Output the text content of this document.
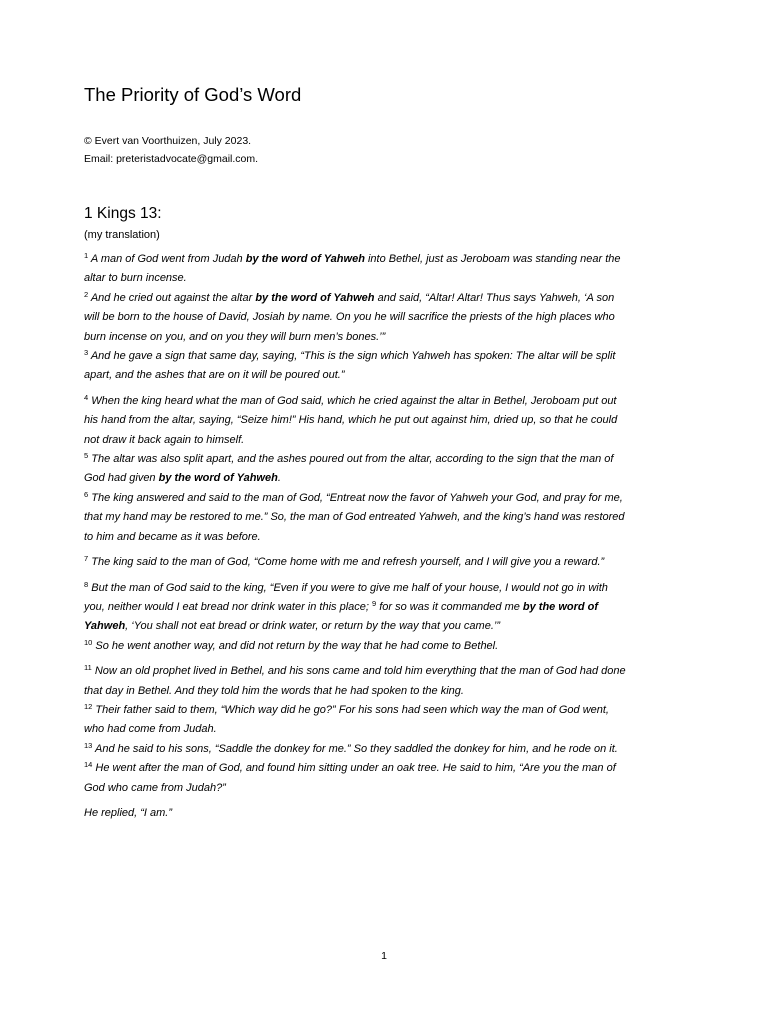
The Priority of God’s Word
© Evert van Voorthuizen, July 2023.
Email: preteristadvocate@gmail.com.
1 Kings 13:
(my translation)

$^1$ A man of God went from Judah by the word of Yahweh into Bethel, just as Jeroboam was standing near the altar to burn incense.

$^2$ And he cried out against the altar by the word of Yahweh and said, “Altar! Altar! Thus says Yahweh, ‘A son will be born to the house of David, Josiah by name. On you he will sacrifice the priests of the high places who burn incense on you, and on you they will burn men’s bones.’”

$^3$ And he gave a sign that same day, saying, “This is the sign which Yahweh has spoken: The altar will be split apart, and the ashes that are on it will be poured out.”

$^4$ When the king heard what the man of God said, which he cried against the altar in Bethel, Jeroboam put out his hand from the altar, saying, “Seize him!” His hand, which he put out against him, dried up, so that he could not draw it back again to himself.

$^5$ The altar was also split apart, and the ashes poured out from the altar, according to the sign that the man of God had given by the word of Yahweh.

$^6$ The king answered and said to the man of God, “Entreat now the favor of Yahweh your God, and pray for me, that my hand may be restored to me.” So, the man of God entreated Yahweh, and the king’s hand was restored to him and became as it was before.

$^7$ The king said to the man of God, “Come home with me and refresh yourself, and I will give you a reward.”

$^8$ But the man of God said to the king, “Even if you were to give me half of your house, I would not go in with you, neither would I eat bread nor drink water in this place; $^9$ for so was it commanded me by the word of Yahweh, ‘You shall not eat bread or drink water, or return by the way that you came.’”

$^{10}$ So he went another way, and did not return by the way that he had come to Bethel.

$^{11}$ Now an old prophet lived in Bethel, and his sons came and told him everything that the man of God had done that day in Bethel. And they told him the words that he had spoken to the king.

$^{12}$ Their father said to them, “Which way did he go?” For his sons had seen which way the man of God went, who had come from Judah.

$^{13}$ And he said to his sons, “Saddle the donkey for me.” So they saddled the donkey for him, and he rode on it.

$^{14}$ He went after the man of God, and found him sitting under an oak tree. He said to him, “Are you the man of God who came from Judah?”

He replied, “I am.”

1
